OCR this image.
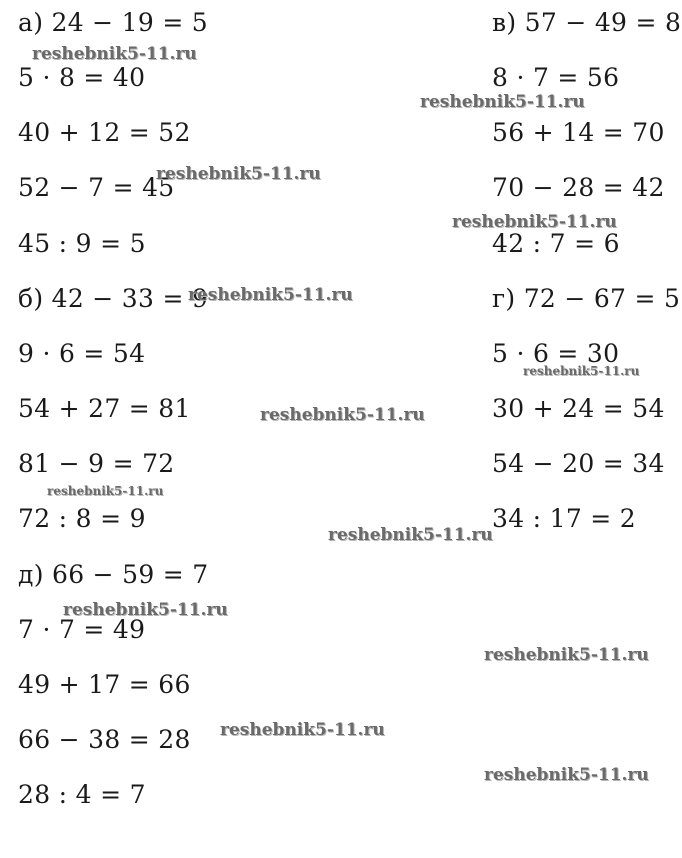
а) 24 − 19 = 5
5 · 8 = 40
40 + 12 = 52
52 − 7 = 45
45 : 9 = 5
б) 42 − 33 = 9
9 · 6 = 54
54 + 27 = 81
81 − 9 = 72
72 : 8 = 9
д) 66 − 59 = 7
7 · 7 = 49
49 + 17 = 66
66 − 38 = 28
28 : 4 = 7
в) 57 − 49 = 8
8 · 7 = 56
56 + 14 = 70
70 − 28 = 42
42 : 7 = 6
г) 72 − 67 = 5
5 · 6 = 30
30 + 24 = 54
54 − 20 = 34
34 : 17 = 2
reshebnik5-11.ru
reshebnik5-11.ru
reshebnik5-11.ru
reshebnik5-11.ru
reshebnik5-11.ru
reshebnik5-11.ru
reshebnik5-11.ru
reshebnik5-11.ru
reshebnik5-11.ru
reshebnik5-11.ru
reshebnik5-11.ru
reshebnik5-11.ru
reshebnik5-11.ru
